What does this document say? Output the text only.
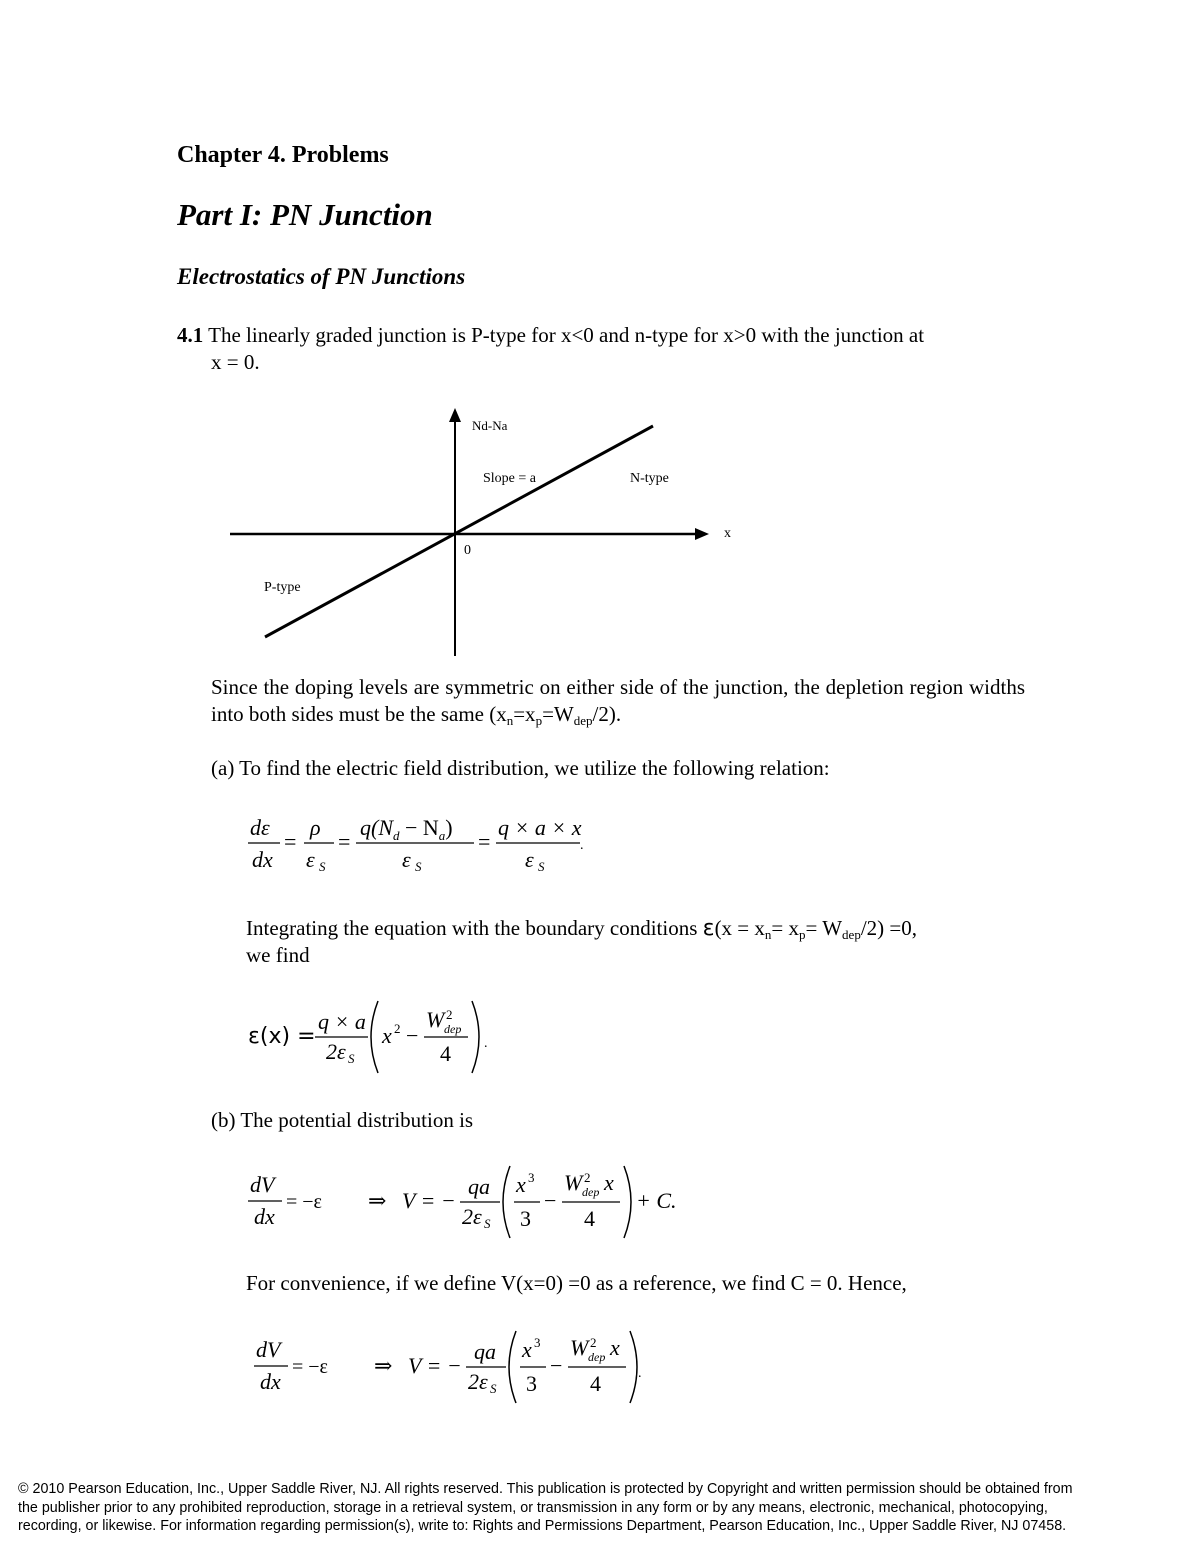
Chapter 4. Problems
Part I: PN Junction
Electrostatics of PN Junctions
4.1 The linearly graded junction is P-type for x<0 and n-type for x>0 with the junction at
x = 0.
Nd-Na
x
0
Slope = a	N-type
P-type
Since the doping levels are symmetric on either side of the junction, the depletion region widths into both sides must be the same $(x_n=x_p=W_{dep}/2)$.
(a) To find the electric field distribution, we utilize the following relation:
dε
dx
=
ρ
ε S
=
$q(N_d - N_a)$
ε S
=
q × a × x
ε S
.
Integrating the equation with the boundary conditions $\varepsilon(x = x_n= x_p= W_{dep}/2) =0$,
we find
ε(x) =
q × a
2ε S
x 2 −
W 2
dep
4 .
(b) The potential distribution is
dV
dx
= −ε ⇒ V = −
qa
2ε S
x 3
3
−
W 2
dep x
4
+ C.
For convenience, if we define V(x=0) =0 as a reference, we find C = 0. Hence,
dV
dx
= −ε ⇒ V = −
qa
2ε S
x 3
3
−
W 2
dep x
4	.
© 2010 Pearson Education, Inc., Upper Saddle River, NJ. All rights reserved. This publication is protected by Copyright and written permission should be obtained from
the publisher prior to any prohibited reproduction, storage in a retrieval system, or transmission in any form or by any means, electronic, mechanical, photocopying,
recording, or likewise. For information regarding permission(s), write to: Rights and Permissions Department, Pearson Education, Inc., Upper Saddle River, NJ 07458.
